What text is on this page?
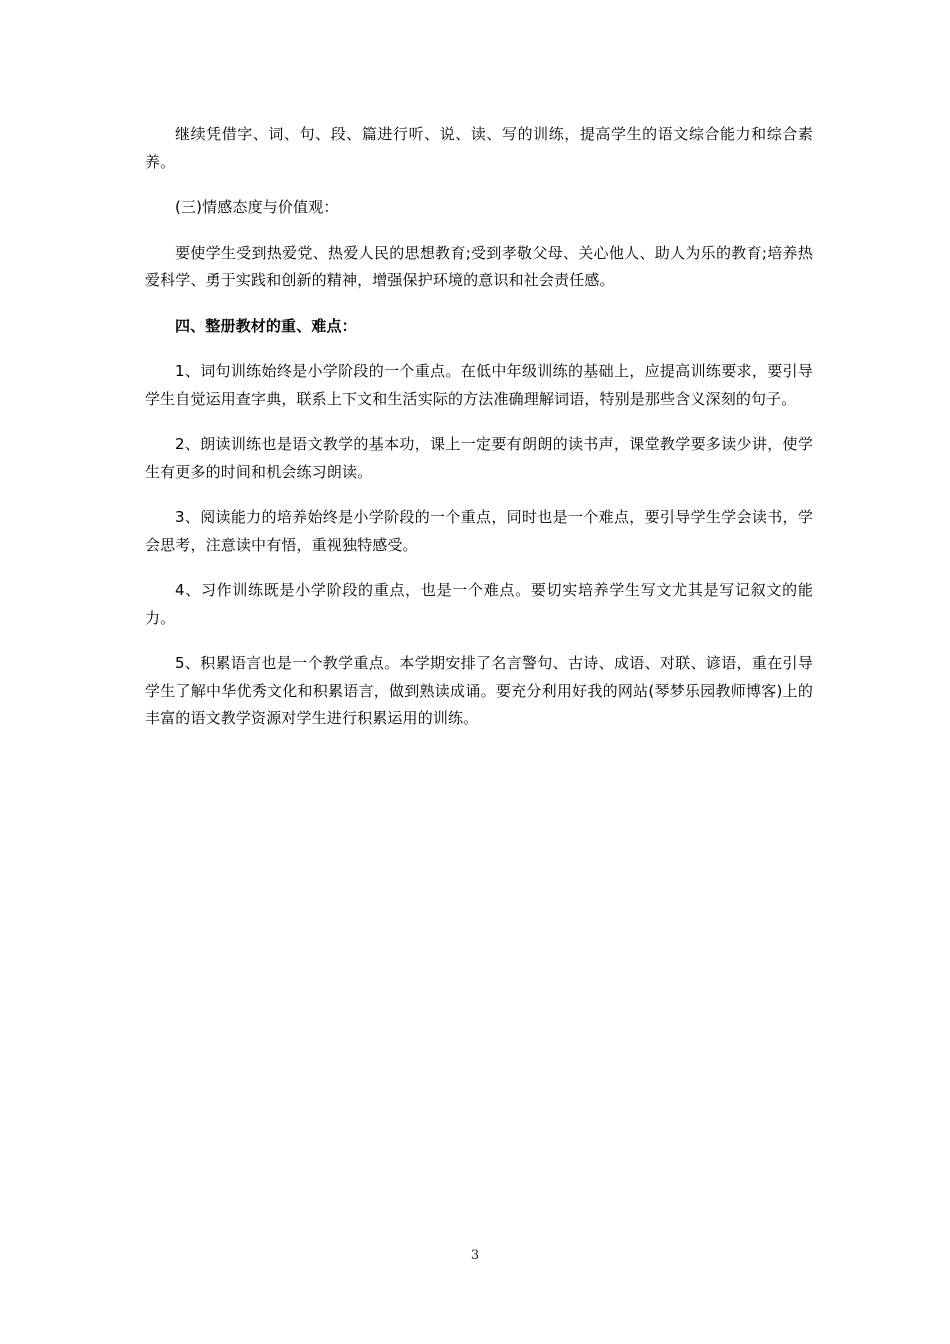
继续凭借字、词、句、段、篇进行听、说、读、写的训练，提高学生的语文综合能力和综合素养。

(三)情感态度与价值观：

要使学生受到热爱党、热爱人民的思想教育;受到孝敬父母、关心他人、助人为乐的教育;培养热爱科学、勇于实践和创新的精神，增强保护环境的意识和社会责任感。

四、整册教材的重、难点：

1、词句训练始终是小学阶段的一个重点。在低中年级训练的基础上，应提高训练要求，要引导学生自觉运用查字典，联系上下文和生活实际的方法准确理解词语，特别是那些含义深刻的句子。

2、朗读训练也是语文教学的基本功，课上一定要有朗朗的读书声，课堂教学要多读少讲，使学生有更多的时间和机会练习朗读。

3、阅读能力的培养始终是小学阶段的一个重点，同时也是一个难点，要引导学生学会读书，学会思考，注意读中有悟，重视独特感受。

4、习作训练既是小学阶段的重点，也是一个难点。要切实培养学生写文尤其是写记叙文的能力。

5、积累语言也是一个教学重点。本学期安排了名言警句、古诗、成语、对联、谚语，重在引导学生了解中华优秀文化和积累语言，做到熟读成诵。要充分利用好我的网站(琴梦乐园教师博客)上的丰富的语文教学资源对学生进行积累运用的训练。

3
